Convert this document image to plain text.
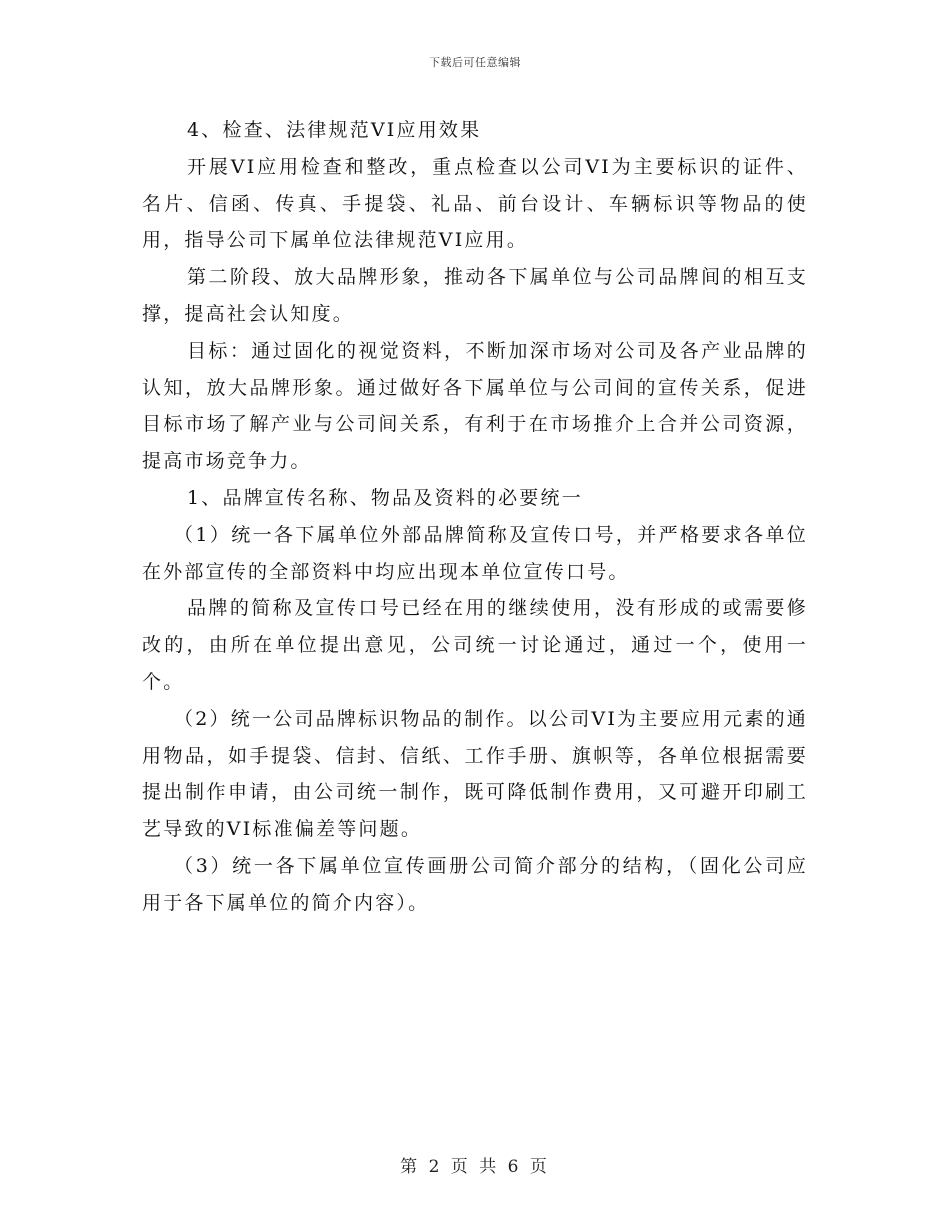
下载后可任意编辑

4、检查、法律规范VI应用效果

开展VI应用检查和整改，重点检查以公司VI为主要标识的证件、名片、信函、传真、手提袋、礼品、前台设计、车辆标识等物品的使用，指导公司下属单位法律规范VI应用。

第二阶段、放大品牌形象，推动各下属单位与公司品牌间的相互支撑，提高社会认知度。

目标：通过固化的视觉资料，不断加深市场对公司及各产业品牌的认知，放大品牌形象。通过做好各下属单位与公司间的宣传关系，促进目标市场了解产业与公司间关系，有利于在市场推介上合并公司资源，提高市场竞争力。

1、品牌宣传名称、物品及资料的必要统一

（1）统一各下属单位外部品牌简称及宣传口号，并严格要求各单位在外部宣传的全部资料中均应出现本单位宣传口号。

品牌的简称及宣传口号已经在用的继续使用，没有形成的或需要修改的，由所在单位提出意见，公司统一讨论通过，通过一个，使用一个。

（2）统一公司品牌标识物品的制作。以公司VI为主要应用元素的通用物品，如手提袋、信封、信纸、工作手册、旗帜等，各单位根据需要提出制作申请，由公司统一制作，既可降低制作费用，又可避开印刷工艺导致的VI标准偏差等问题。

（3）统一各下属单位宣传画册公司简介部分的结构，（固化公司应用于各下属单位的简介内容）。

第 2 页 共 6 页
